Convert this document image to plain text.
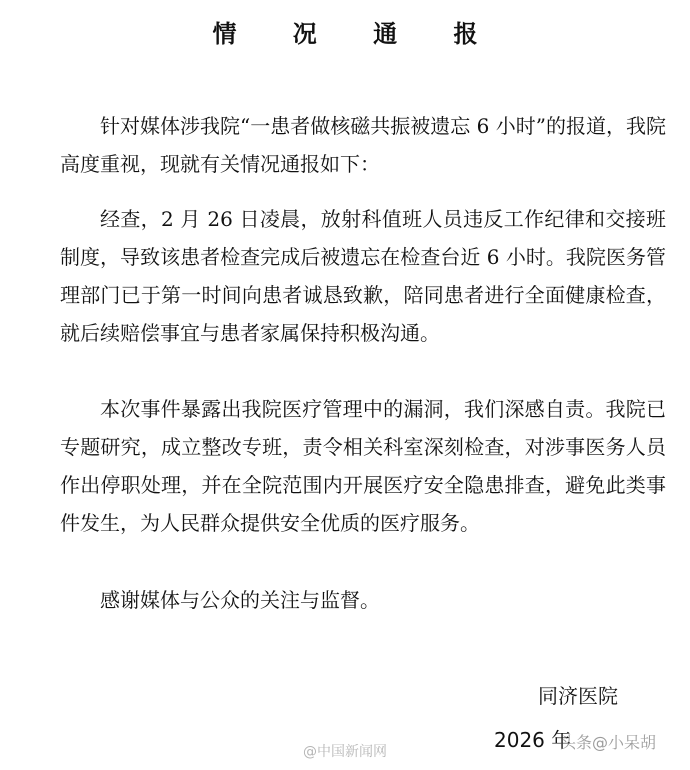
情 况 通 报

针对媒体涉我院“一患者做核磁共振被遗忘 6 小时”的报道，我院高度重视，现就有关情况通报如下：

经查，2 月 26 日凌晨，放射科值班人员违反工作纪律和交接班制度，导致该患者检查完成后被遗忘在检查台近 6 小时。我院医务管理部门已于第一时间向患者诚恳致歉，陪同患者进行全面健康检查，就后续赔偿事宜与患者家属保持积极沟通。

本次事件暴露出我院医疗管理中的漏洞，我们深感自责。我院已专题研究，成立整改专班，责令相关科室深刻检查，对涉事医务人员作出停职处理，并在全院范围内开展医疗安全隐患排查，避免此类事件发生，为人民群众提供安全优质的医疗服务。

感谢媒体与公众的关注与监督。

同济医院
2026 年
@中国新闻网	头条@小呆胡
